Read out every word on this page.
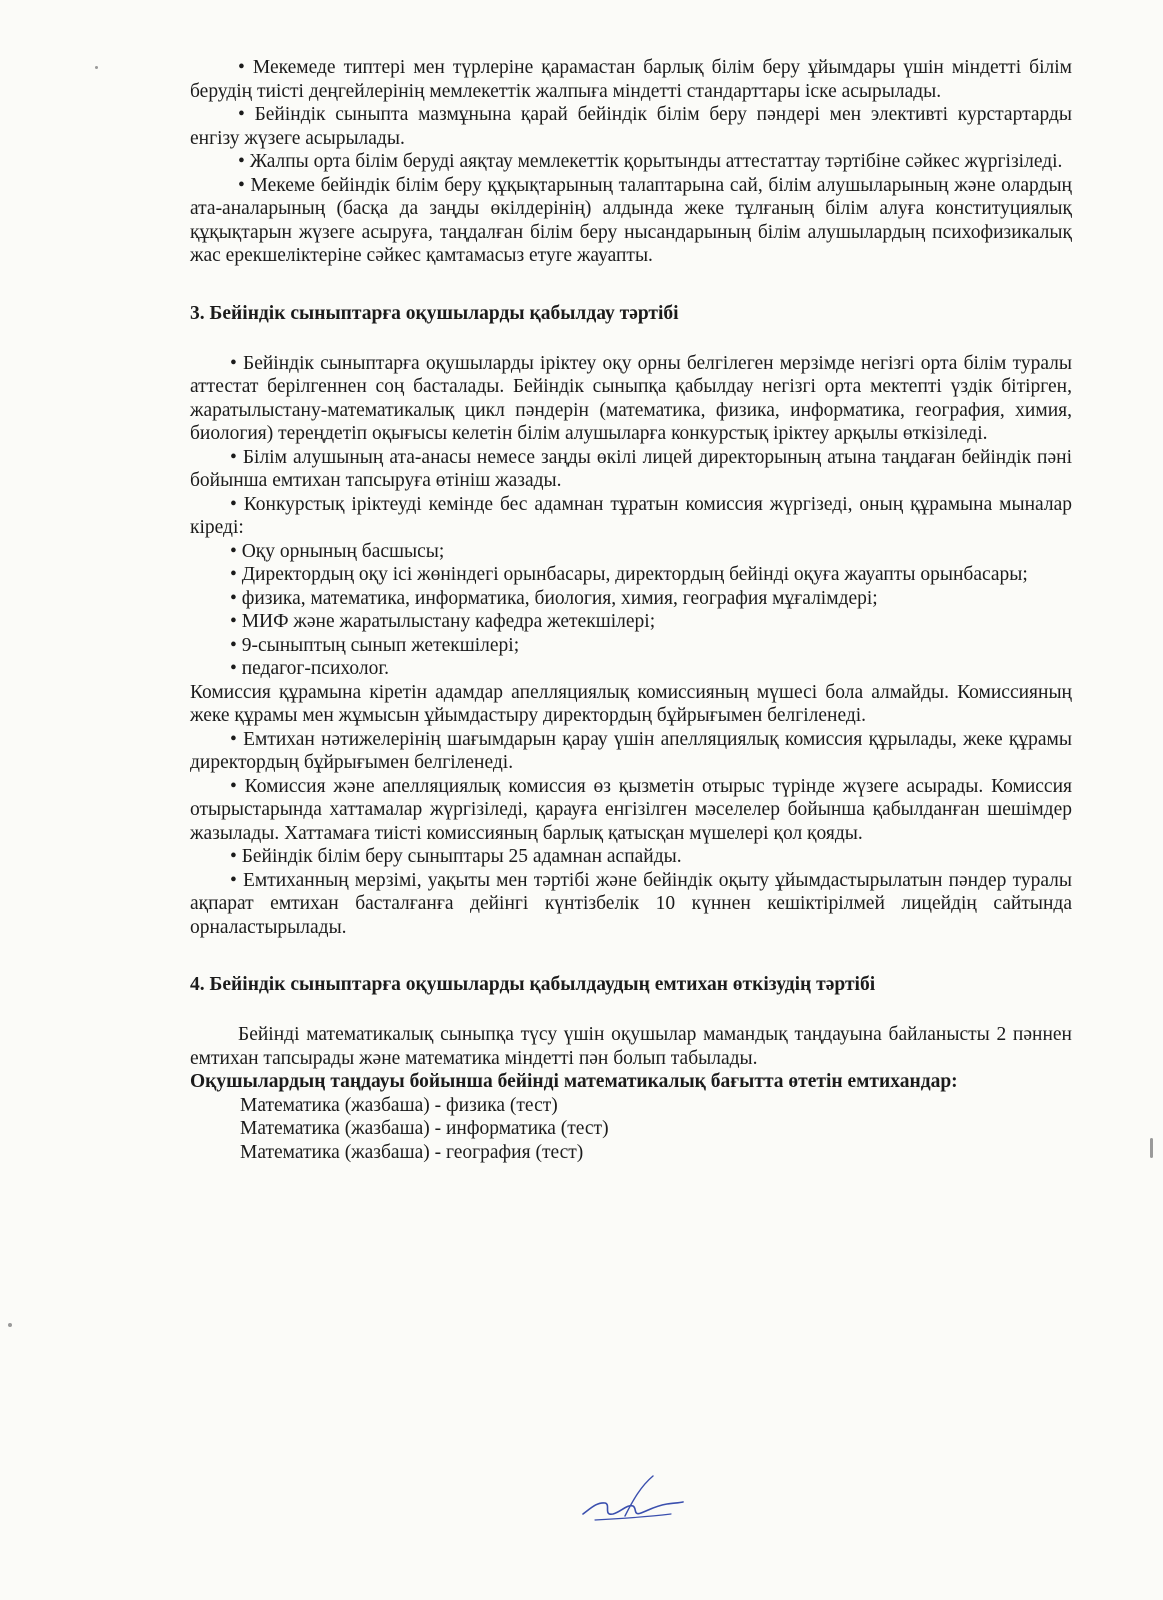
• Мекемеде типтері мен түрлеріне қарамастан барлық білім беру ұйымдары үшін міндетті білім берудің тиісті деңгейлерінің мемлекеттік жалпыға міндетті стандарттары іске асырылады.

• Бейіндік сыныпта мазмұнына қарай бейіндік білім беру пәндері мен элективті курстартарды енгізу жүзеге асырылады.

• Жалпы орта білім беруді аяқтау мемлекеттік қорытынды аттестаттау тәртібіне сәйкес жүргізіледі.

• Мекеме бейіндік білім беру құқықтарының талаптарына сай, білім алушыларының және олардың ата-аналарының (басқа да заңды өкілдерінің) алдында жеке тұлғаның білім алуға конституциялық құқықтарын жүзеге асыруға, таңдалған білім беру нысандарының білім алушылардың психофизикалық жас ерекшеліктеріне сәйкес қамтамасыз етуге жауапты.

3. Бейіндік сыныптарға оқушыларды қабылдау тәртібі

• Бейіндік сыныптарға оқушыларды іріктеу оқу орны белгілеген мерзімде негізгі орта білім туралы аттестат берілгеннен соң басталады. Бейіндік сыныпқа қабылдау негізгі орта мектепті үздік бітірген, жаратылыстану-математикалық цикл пәндерін (математика, физика, информатика, география, химия, биология) тереңдетіп оқығысы келетін білім алушыларға конкурстық іріктеу арқылы өткізіледі.

• Білім алушының ата-анасы немесе заңды өкілі лицей директорының атына таңдаған бейіндік пәні бойынша емтихан тапсыруға өтініш жазады.

• Конкурстық іріктеуді кемінде бес адамнан тұратын комиссия жүргізеді, оның құрамына мыналар кіреді:

• Оқу орнының басшысы;

• Директордың оқу ісі жөніндегі орынбасары, директордың бейінді оқуға жауапты орынбасары;

• физика, математика, информатика, биология, химия, география мұғалімдері;

• МИФ және жаратылыстану кафедра жетекшілері;

• 9-сыныптың сынып жетекшілері;

• педагог-психолог.

Комиссия құрамына кіретін адамдар апелляциялық комиссияның мүшесі бола алмайды. Комиссияның жеке құрамы мен жұмысын ұйымдастыру директордың бұйрығымен белгіленеді.

• Емтихан нәтижелерінің шағымдарын қарау үшін апелляциялық комиссия құрылады, жеке құрамы директордың бұйрығымен белгіленеді.

• Комиссия және апелляциялық комиссия өз қызметін отырыс түрінде жүзеге асырады. Комиссия отырыстарында хаттамалар жүргізіледі, қарауға енгізілген мәселелер бойынша қабылданған шешімдер жазылады. Хаттамаға тиісті комиссияның барлық қатысқан мүшелері қол қояды.

• Бейіндік білім беру сыныптары 25 адамнан аспайды.

• Емтиханның мерзімі, уақыты мен тәртібі және бейіндік оқыту ұйымдастырылатын пәндер туралы ақпарат емтихан басталғанға дейінгі күнтізбелік 10 күннен кешіктірілмей лицейдің сайтында орналастырылады.

4. Бейіндік сыныптарға оқушыларды қабылдаудың емтихан өткізудің тәртібі

Бейінді математикалық сыныпқа түсу үшін оқушылар мамандық таңдауына байланысты 2 пәннен емтихан тапсырады және математика міндетті пән болып табылады.

Оқушылардың таңдауы бойынша бейінді математикалық бағытта өтетін емтихандар:

Математика (жазбаша) - физика (тест)

Математика (жазбаша) - информатика (тест)

Математика (жазбаша) - география (тест)
